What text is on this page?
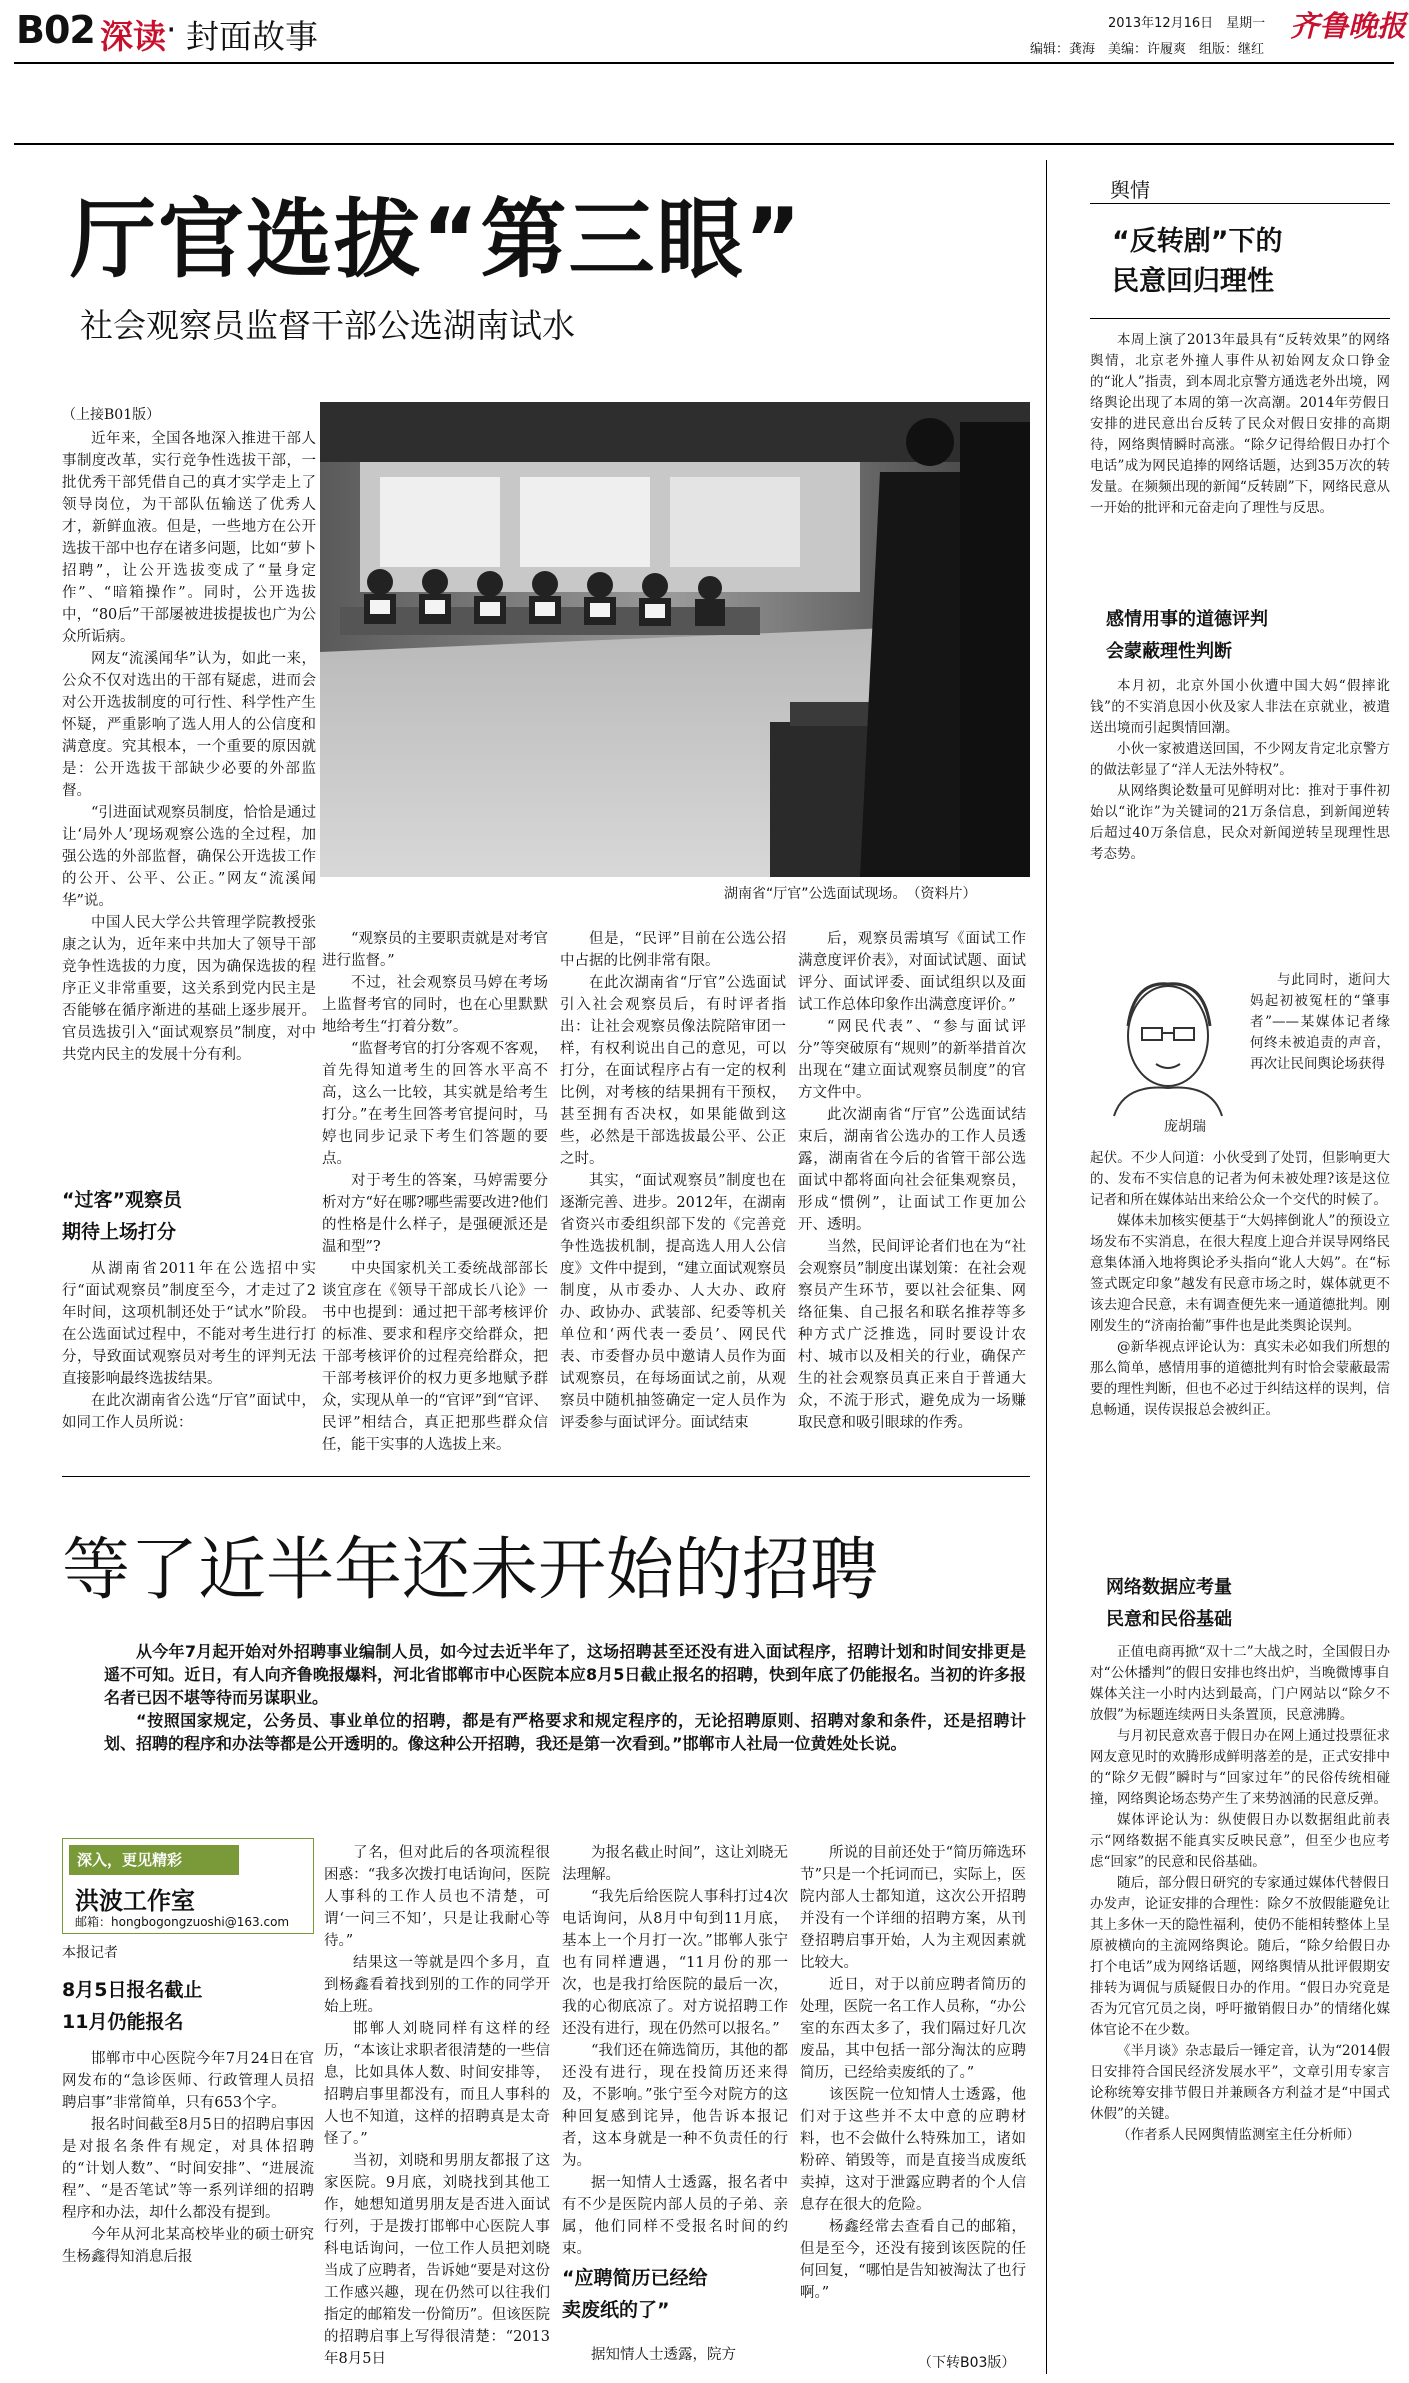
B02 深读 · 封面故事	2013年12月16日　星期一 齐鲁晚报
编辑：龚海　美编：许履爽　组版：继红
厅官选拔“第三眼”
社会观察员监督干部公选湖南试水
（上接B01版）
湖南省“厅官”公选面试现场。　（资料片）

近年来，全国各地深入推进干部人事制度改革，实行竞争性选拔干部，一批优秀干部凭借自己的真才实学走上了领导岗位，为干部队伍输送了优秀人才，新鲜血液。但是，一些地方在公开选拔干部中也存在诸多问题，比如“萝卜招聘”，让公开选拔变成了“量身定作”、“暗箱操作”。同时，公开选拔中，“80后”干部屡被进拔提拔也广为公众所诟病。

网友“流溪闻华”认为，如此一来，公众不仅对选出的干部有疑虑，进而会对公开选拔制度的可行性、科学性产生怀疑，严重影响了选人用人的公信度和满意度。究其根本，一个重要的原因就是：公开选拔干部缺少必要的外部监督。

“引进面试观察员制度，恰恰是通过让‘局外人’现场观察公选的全过程，加强公选的外部监督，确保公开选拔工作的公开、公平、公正。”网友“流溪闻华”说。

中国人民大学公共管理学院教授张康之认为，近年来中共加大了领导干部竞争性选拔的力度，因为确保选拔的程序正义非常重要，这关系到党内民主是否能够在循序渐进的基础上逐步展开。官员选拔引入“面试观察员”制度，对中共党内民主的发展十分有利。

“过客”观察员
期待上场打分

从湖南省2011年在公选招中实行“面试观察员”制度至今，才走过了2年时间，这项机制还处于“试水”阶段。在公选面试过程中，不能对考生进行打分，导致面试观察员对考生的评判无法直接影响最终选拔结果。

在此次湖南省公选“厅官”面试中，如同工作人员所说：

“观察员的主要职责就是对考官进行监督。”

不过，社会观察员马婷在考场上监督考官的同时，也在心里默默地给考生“打着分数”。

“监督考官的打分客观不客观，首先得知道考生的回答水平高不高，这么一比较，其实就是给考生打分。”在考生回答考官提问时，马婷也同步记录下考生们答题的要点。

对于考生的答案，马婷需要分析对方“好在哪?哪些需要改进?他们的性格是什么样子，是强硬派还是温和型”?

中央国家机关工委统战部部长谈宜彦在《领导干部成长八论》一书中也提到：通过把干部考核评价的标准、要求和程序交给群众，把干部考核评价的过程亮给群众，把干部考核评价的权力更多地赋予群众，实现从单一的“官评”到“官评、民评”相结合，真正把那些群众信任，能干实事的人选拔上来。

但是，“民评”目前在公选公招中占据的比例非常有限。

在此次湖南省“厅官”公选面试引入社会观察员后，有时评者指出：让社会观察员像法院陪审团一样，有权利说出自己的意见，可以打分，在面试程序占有一定的权利比例，对考核的结果拥有干预权，甚至拥有否决权，如果能做到这些，必然是干部选拔最公平、公正之时。

其实，“面试观察员”制度也在逐渐完善、进步。2012年，在湖南省资兴市委组织部下发的《完善竞争性选拔机制，提高选人用人公信度》文件中提到，“建立面试观察员制度，从市委办、人大办、政府办、政协办、武装部、纪委等机关单位和‘两代表一委员’、网民代表、市委督办员中邀请人员作为面试观察员，在每场面试之前，从观察员中随机抽签确定一定人员作为评委参与面试评分。面试结束

后，观察员需填写《面试工作满意度评价表》，对面试试题、面试评分、面试评委、面试组织以及面试工作总体印象作出满意度评价。”

“网民代表”、“参与面试评分”等突破原有“规则”的新举措首次出现在“建立面试观察员制度”的官方文件中。

此次湖南省“厅官”公选面试结束后，湖南省公选办的工作人员透露，湖南省在今后的省管干部公选面试中都将面向社会征集观察员，形成“惯例”，让面试工作更加公开、透明。

当然，民间评论者们也在为“社会观察员”制度出谋划策：在社会观察员产生环节，要以社会征集、网络征集、自己报名和联名推荐等多种方式广泛推选，同时要设计农村、城市以及相关的行业，确保产生的社会观察员真正来自于普通大众，不流于形式，避免成为一场赚取民意和吸引眼球的作秀。

等了近半年还未开始的招聘

从今年7月起开始对外招聘事业编制人员，如今过去近半年了，这场招聘甚至还没有进入面试程序，招聘计划和时间安排更是遥不可知。近日，有人向齐鲁晚报爆料，河北省邯郸市中心医院本应8月5日截止报名的招聘，快到年底了仍能报名。当初的许多报名者已因不堪等待而另谋职业。

“按照国家规定，公务员、事业单位的招聘，都是有严格要求和规定程序的，无论招聘原则、招聘对象和条件，还是招聘计划、招聘的程序和办法等都是公开透明的。像这种公开招聘，我还是第一次看到。”邯郸市人社局一位黄姓处长说。

深入，更见精彩
洪波工作室
邮箱：hongbogongzuoshi@163.com
本报记者
8月5日报名截止
11月仍能报名

邯郸市中心医院今年7月24日在官网发布的“急诊医师、行政管理人员招聘启事”非常简单，只有653个字。

报名时间截至8月5日的招聘启事因是对报名条件有规定，对具体招聘的“计划人数”、“时间安排”、“进展流程”、“是否笔试”等一系列详细的招聘程序和办法，却什么都没有提到。

今年从河北某高校毕业的硕士研究生杨鑫得知消息后报

了名，但对此后的各项流程很困惑：“我多次拨打电话询问，医院人事科的工作人员也不清楚，可谓‘一问三不知’，只是让我耐心等待。”

结果这一等就是四个多月，直到杨鑫看着找到别的工作的同学开始上班。

邯郸人刘晓同样有这样的经历，“本该让求职者很清楚的一些信息，比如具体人数、时间安排等，招聘启事里都没有，而且人事科的人也不知道，这样的招聘真是太奇怪了。”

当初，刘晓和男朋友都报了这家医院。9月底，刘晓找到其他工作，她想知道男朋友是否进入面试行列，于是拨打邯郸中心医院人事科电话询问，一位工作人员把刘晓当成了应聘者，告诉她“要是对这份工作感兴趣，现在仍然可以往我们指定的邮箱发一份简历”。但该医院的招聘启事上写得很清楚：“2013年8月5日

为报名截止时间”，这让刘晓无法理解。

“我先后给医院人事科打过4次电话询问，从8月中旬到11月底，基本上一个月打一次。”邯郸人张宁也有同样遭遇，“11月份的那一次，也是我打给医院的最后一次，我的心彻底凉了。对方说招聘工作还没有进行，现在仍然可以报名。”

“我们还在筛选简历，其他的都还没有进行，现在投简历还来得及，不影响。”张宁至今对院方的这种回复感到诧异，他告诉本报记者，这本身就是一种不负责任的行为。

据一知情人士透露，报名者中有不少是医院内部人员的子弟、亲属，他们同样不受报名时间的约束。

“应聘简历已经给
卖废纸的了”

据知情人士透露，院方

所说的目前还处于“简历筛选环节”只是一个托词而已，实际上，医院内部人士都知道，这次公开招聘并没有一个详细的招聘方案，从刊登招聘启事开始，人为主观因素就比较大。

近日，对于以前应聘者简历的处理，医院一名工作人员称，“办公室的东西太多了，我们隔过好几次废品，其中包括一部分淘汰的应聘简历，已经给卖废纸的了。”

该医院一位知情人士透露，他们对于这些并不太中意的应聘材料，也不会做什么特殊加工，诸如粉碎、销毁等，而是直接当成废纸卖掉，这对于泄露应聘者的个人信息存在很大的危险。

杨鑫经常去查看自己的邮箱，但是至今，还没有接到该医院的任何回复，“哪怕是告知被淘汰了也行啊。”

（下转B03版）
舆情
“反转剧”下的
民意回归理性

本周上演了2013年最具有“反转效果”的网络舆情，北京老外撞人事件从初始网友众口铮金的“讹人”指责，到本周北京警方通选老外出境，网络舆论出现了本周的第一次高潮。2014年劳假日安排的进民意出台反转了民众对假日安排的高期待，网络舆情瞬时高涨。“除夕记得给假日办打个电话”成为网民追捧的网络话题，达到35万次的转发量。在频频出现的新闻“反转剧”下，网络民意从一开始的批评和元奋走向了理性与反思。

感情用事的道德评判
会蒙蔽理性判断

本月初，北京外国小伙遭中国大妈“假摔讹钱”的不实消息因小伙及家人非法在京就业，被遣送出境而引起舆情回潮。

小伙一家被遣送回国，不少网友肯定北京警方的做法彰显了“洋人无法外特权”。

从网络舆论数量可见鲜明对比：推对于事件初始以“讹诈”为关键词的21万条信息，到新闻逆转后超过40万条信息，民众对新闻逆转呈现理性思考态势。

庞胡瑞

与此同时，逝问大妈起初被冤枉的“肇事者”——某媒体记者缘何终未被追责的声音，再次让民间舆论场获得

起伏。不少人问道：小伙受到了处罚，但影响更大的、发布不实信息的记者为何未被处理?该是这位记者和所在媒体站出来给公众一个交代的时候了。

媒体未加核实便基于“大妈摔倒讹人”的预设立场发布不实消息，在很大程度上迎合并误导网络民意集体涌入地将舆论矛头指向“讹人大妈”。在“标签式既定印象”越发有民意市场之时，媒体就更不该去迎合民意，未有调查便先来一通道德批判。刚刚发生的“济南抬葡”事件也是此类舆论误判。

@新华视点评论认为：真实未必如我们所想的那么简单，感情用事的道德批判有时恰会蒙蔽最需要的理性判断，但也不必过于纠结这样的误判，信息畅通，误传误报总会被纠正。

网络数据应考量
民意和民俗基础

正值电商再掀“双十二”大战之时，全国假日办对“公休播判”的假日安排也终出炉，当晚微博事自媒体关注一小时内达到最高，门户网站以“除夕不放假”为标题连续两日头条置顶，民意沸腾。

与月初民意欢喜于假日办在网上通过投票征求网友意见时的欢腾形成鲜明落差的是，正式安排中的“除夕无假”瞬时与“回家过年”的民俗传统相碰撞，网络舆论场态势产生了来势汹涌的民意反弹。

媒体评论认为：纵使假日办以数据组此前表示“网络数据不能真实反映民意”，但至少也应考虑“回家”的民意和民俗基础。

随后，部分假日研究的专家通过媒体代替假日办发声，论证安排的合理性：除夕不放假能避免让其上多休一天的隐性福利，使仍不能相转整体上呈原被横向的主流网络舆论。随后，“除夕给假日办打个电话”成为网络话题，网络舆情从批评假期安排转为调侃与质疑假日办的作用。“假日办究竟是否为冗官冗员之岗，呼吁撤销假日办”的情绪化媒体官论不在少数。

《半月谈》杂志最后一锤定音，认为“2014假日安排符合国民经济发展水平”，文章引用专家言论称统筹安排节假日并兼顾各方利益才是“中国式休假”的关键。

（作者系人民网舆情监测室主任分析师）
